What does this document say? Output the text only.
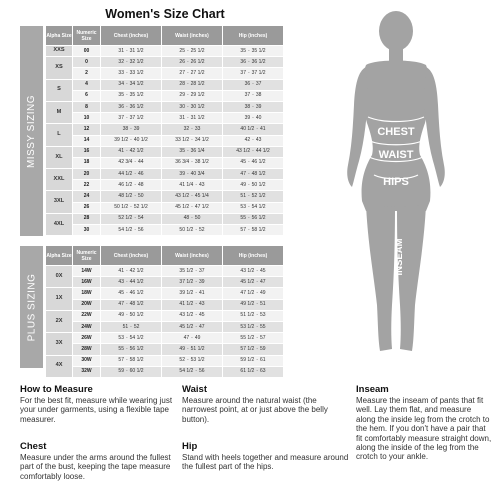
Women's Size Chart
MISSY SIZING
Alpha Size	Numeric Size	Chest (inches)	Waist (inches)	Hip (inches)
XXS	00	31 - 31 1/2	25 - 25 1/2	35 - 35 1/2
XS	0	32 - 32 1/2	26 - 26 1/2	36 - 36 1/2
	2	33 - 33 1/2	27 - 27 1/2	37 - 37 1/2
S	4	34 - 34 1/2	28 - 28 1/2	36 - 37
	6	35 - 35 1/2	29 - 29 1/2	37 - 38
M	8	36 - 36 1/2	30 - 30 1/2	38 - 39
	10	37 - 37 1/2	31 - 31 1/2	39 - 40
L	12	38 - 39	32 - 33	40 1/2 - 41
	14	39 1/2 - 40 1/2	33 1/2 - 34 1/2	42 - 43
XL	16	41 - 42 1/2	35 - 36 1/4	43 1/2 - 44 1/2
	18	42 3/4 - 44	36 3/4 - 38 1/2	45 - 46 1/2
XXL	20	44 1/2 - 46	39 - 40 3/4	47 - 48 1/2
	22	46 1/2 - 48	41 1/4 - 43	49 - 50 1/2
3XL	24	48 1/2 - 50	43 1/2 - 45 1/4	51 - 52 1/2
	26	50 1/2 - 52 1/2	45 1/2 - 47 1/2	53 - 54 1/2
4XL	28	52 1/2 - 54	48 - 50	55 - 56 1/2
	30	54 1/2 - 56	50 1/2 - 52	57 - 58 1/2
PLUS SIZING
Alpha Size	Numeric Size	Chest (inches)	Waist (inches)	Hip (inches)
0X	14W	41 - 42 1/2	35 1/2 - 37	43 1/2 - 45
	16W	43 - 44 1/2	37 1/2 - 39	45 1/2 - 47
1X	18W	45 - 46 1/2	39 1/2 - 41	47 1/2 - 49
	20W	47 - 48 1/2	41 1/2 - 43	49 1/2 - 51
2X	22W	49 - 50 1/2	43 1/2 - 45	51 1/2 - 53
	24W	51 - 52	45 1/2 - 47	53 1/2 - 55
3X	26W	53 - 54 1/2	47 - 49	55 1/2 - 57
	28W	55 - 56 1/2	49 - 51 1/2	57 1/2 - 59
4X	30W	57 - 58 1/2	52 - 53 1/2	59 1/2 - 61
	32W	59 - 60 1/2	54 1/2 - 56	61 1/2 - 63
CHEST
WAIST
HIPS
INSEAM
How to Measure

For the best fit, measure while wearing just your under garments, using a flexible tape measurer.

Chest

Measure under the arms around the fullest part of the bust, keeping the tape measure comfortably loose.

Waist

Measure around the natural waist (the narrowest point, at or just above the belly button).

Hip

Stand with heels together and measure around the fullest part of the hips.

Inseam

Measure the inseam of pants that fit well. Lay them flat, and measure along the inside leg from the crotch to the hem. If you don't have a pair that fit comfortably measure straight down, along the inside of the leg from the crotch to your ankle.
